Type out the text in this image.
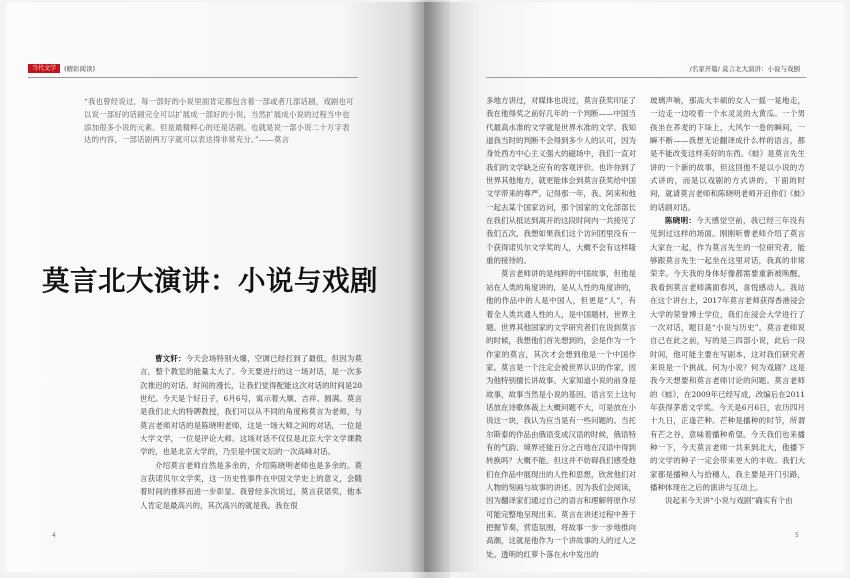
当代文学	(精彩阅读)	/名家开篇/ 莫言北大演讲：小说与戏剧
“我也曾经说过，每一部好的小说里面肯定都包含着一部或者几部话剧，戏剧也可以说一部好的话剧完全可以扩展成一部好的小说，当然扩展成小说的过程当中也添加很多小说的元素。但是最精粹心的还是话剧。也就是说一部小说二十万字表达的内容，一部话剧两万字就可以表达得非常充分。”——莫言
莫言北大演讲：小说与戏剧

曹文轩：今天会场特别火爆，空调已经打到了最低，但因为莫言，整个教室的能量太大了。今天要进行的这一场对话，是一次多次推迟的对话。时间的漫长，让我们觉得配能这次对话的时间是20世纪。今天是个好日子，6月6号，寓示着大顺、吉祥、圆满。莫言是我们北大的特聘教授，我们可以从不同的角度称莫言为老师，与莫言老师对话的是陈晓明老师，这是一场大师之间的对话，一位是大学文学，一位是评论大师。这场对话不仅仅是北京大学文学课教学的，也是北京大学的，乃至是中国文坛的一次高峰对话。

介绍莫言老师自然是多余的，介绍陈晓明老师也是多余的。莫言获诺贝尔文学奖，这一历史性事件在中国文学史上的意义，会随着时间的推移而进一步彰显。我曾经多次说过，莫言获诺奖，他本人肯定是最高兴的，其次高兴的就是我。我在很

多地方讲过，对媒体也说过，莫言获奖印证了我在他得奖之前好几年的一个判断——中国当代最高水准的文学就是世界水准的文学。我知道我当时的判断不会得到多少人的认可，因为身处西方中心主义强大的磁场中，我们一直对我们的文学缺乏应有的客观评价。也许你到了世界其他地方，就更能体会到莫言获奖给中国文学带来的尊严。记得那一年，我、阿来和他一起去某个国家访问，那个国家的文化部部长在我们从抵达到离开的这段时间内一共接见了我们五次，我想如果我们这个访问团里没有一个获得诺贝尔文学奖的人，大概不会有这样隆重的接待的。

莫言老师讲的是纯粹的中国故事，但他是站在人类的角度讲的，是从人性的角度讲的，他的作品中的人是中国人，但更是“人”，有着全人类共通人性的人，是中国题材，世界主题。世界其他国家的文学研究者们在说到莫言的时候，我想他们首先想到的，会是作为一个作家的莫言，其次才会想到他是一个中国作家。莫言是一个注定会被世界认识的作家，因为他特别擅长讲故事。大家知道小说的前身是故事，故事当然是小说的基因。语言至上这句话放在诗歌体裁上大概问题不大，可是放在小说这一块，我认为应当是有一些问题的。当托尔斯泰的作品由俄语变成汉语的时候，俄语特有的气韵、境界还能百分之百地在汉语中得到转换吗？大概不能。但这并不妨碍我们感受他们在作品中展现出的人性和思想，欣赏他们对人物的刻画与故事的讲述。因为我们会阅读，因为翻译家们通过自己的语言和理解将原作尽可能完整地呈现出来。莫言在讲述过程中善于把握节奏，营造氛围，将故事一步一步地推向高潮，这就是他作为一个讲故事的人的过人之处。透明的红萝卜落在水中发出的

玻璃声响，那高大丰硕的女人一摇一晃地走，一边走一边咬着一个水灵灵的大黄瓜。一个男孩坐在荞麦的下垛上，大风乍一卷的瞬间，一瞬不断——我想无论翻译成什么样的语言，都是不能改变这样美好的东西。《蛙》是莫言先生讲的一个新的故事，但这回他不是以小说的方式讲的，而是以戏剧的方式讲的。下面的时间，就请莫言老师和陈晓明老师开启你们《蛙》的话剧对话。

陈晓明：今天感觉空前，我已经三年没有见到过这样的场面。刚刚听曹老师介绍了莫言大家在一起，作为莫言先生的一位研究者，能够跟莫言先生一起坐在这里对话，我真的非常荣幸。今天我的身体好像都需要重新被唤醒。我看到莫言老师满面春风，喜悦感动人。我站在这个讲台上，2017年莫言老师获得香港浸会大学的荣誉博士学位，我们在浸会大学进行了一次对话，题目是“小说与历史”。莫言老师说自己在此之前，写的是三四部小说，此后一段时间，他可能主要在写剧本，这对我们研究者来说是一个挑战。何为小说？何为戏剧？这是我今天想要和莫言老师讨论的问题。莫言老师的《蛙》，在2009年已经写成，改编后在2011年获得茅盾文学奖。今天是6月6日，农历四月十九日，正逢芒种。芒种是播种的时节，所谓有芒之谷，意味着播种希望。今天我们也来播种一下，今天莫言老师一共来到北大，他播下的文学的种子一定会带来更大的丰收。我们大家都是播种人与拾穗人，我主要是开门引路，播种体现在之后的演讲与互动上。

说起来今天讲“小说与戏剧”确实有个由

4	5
